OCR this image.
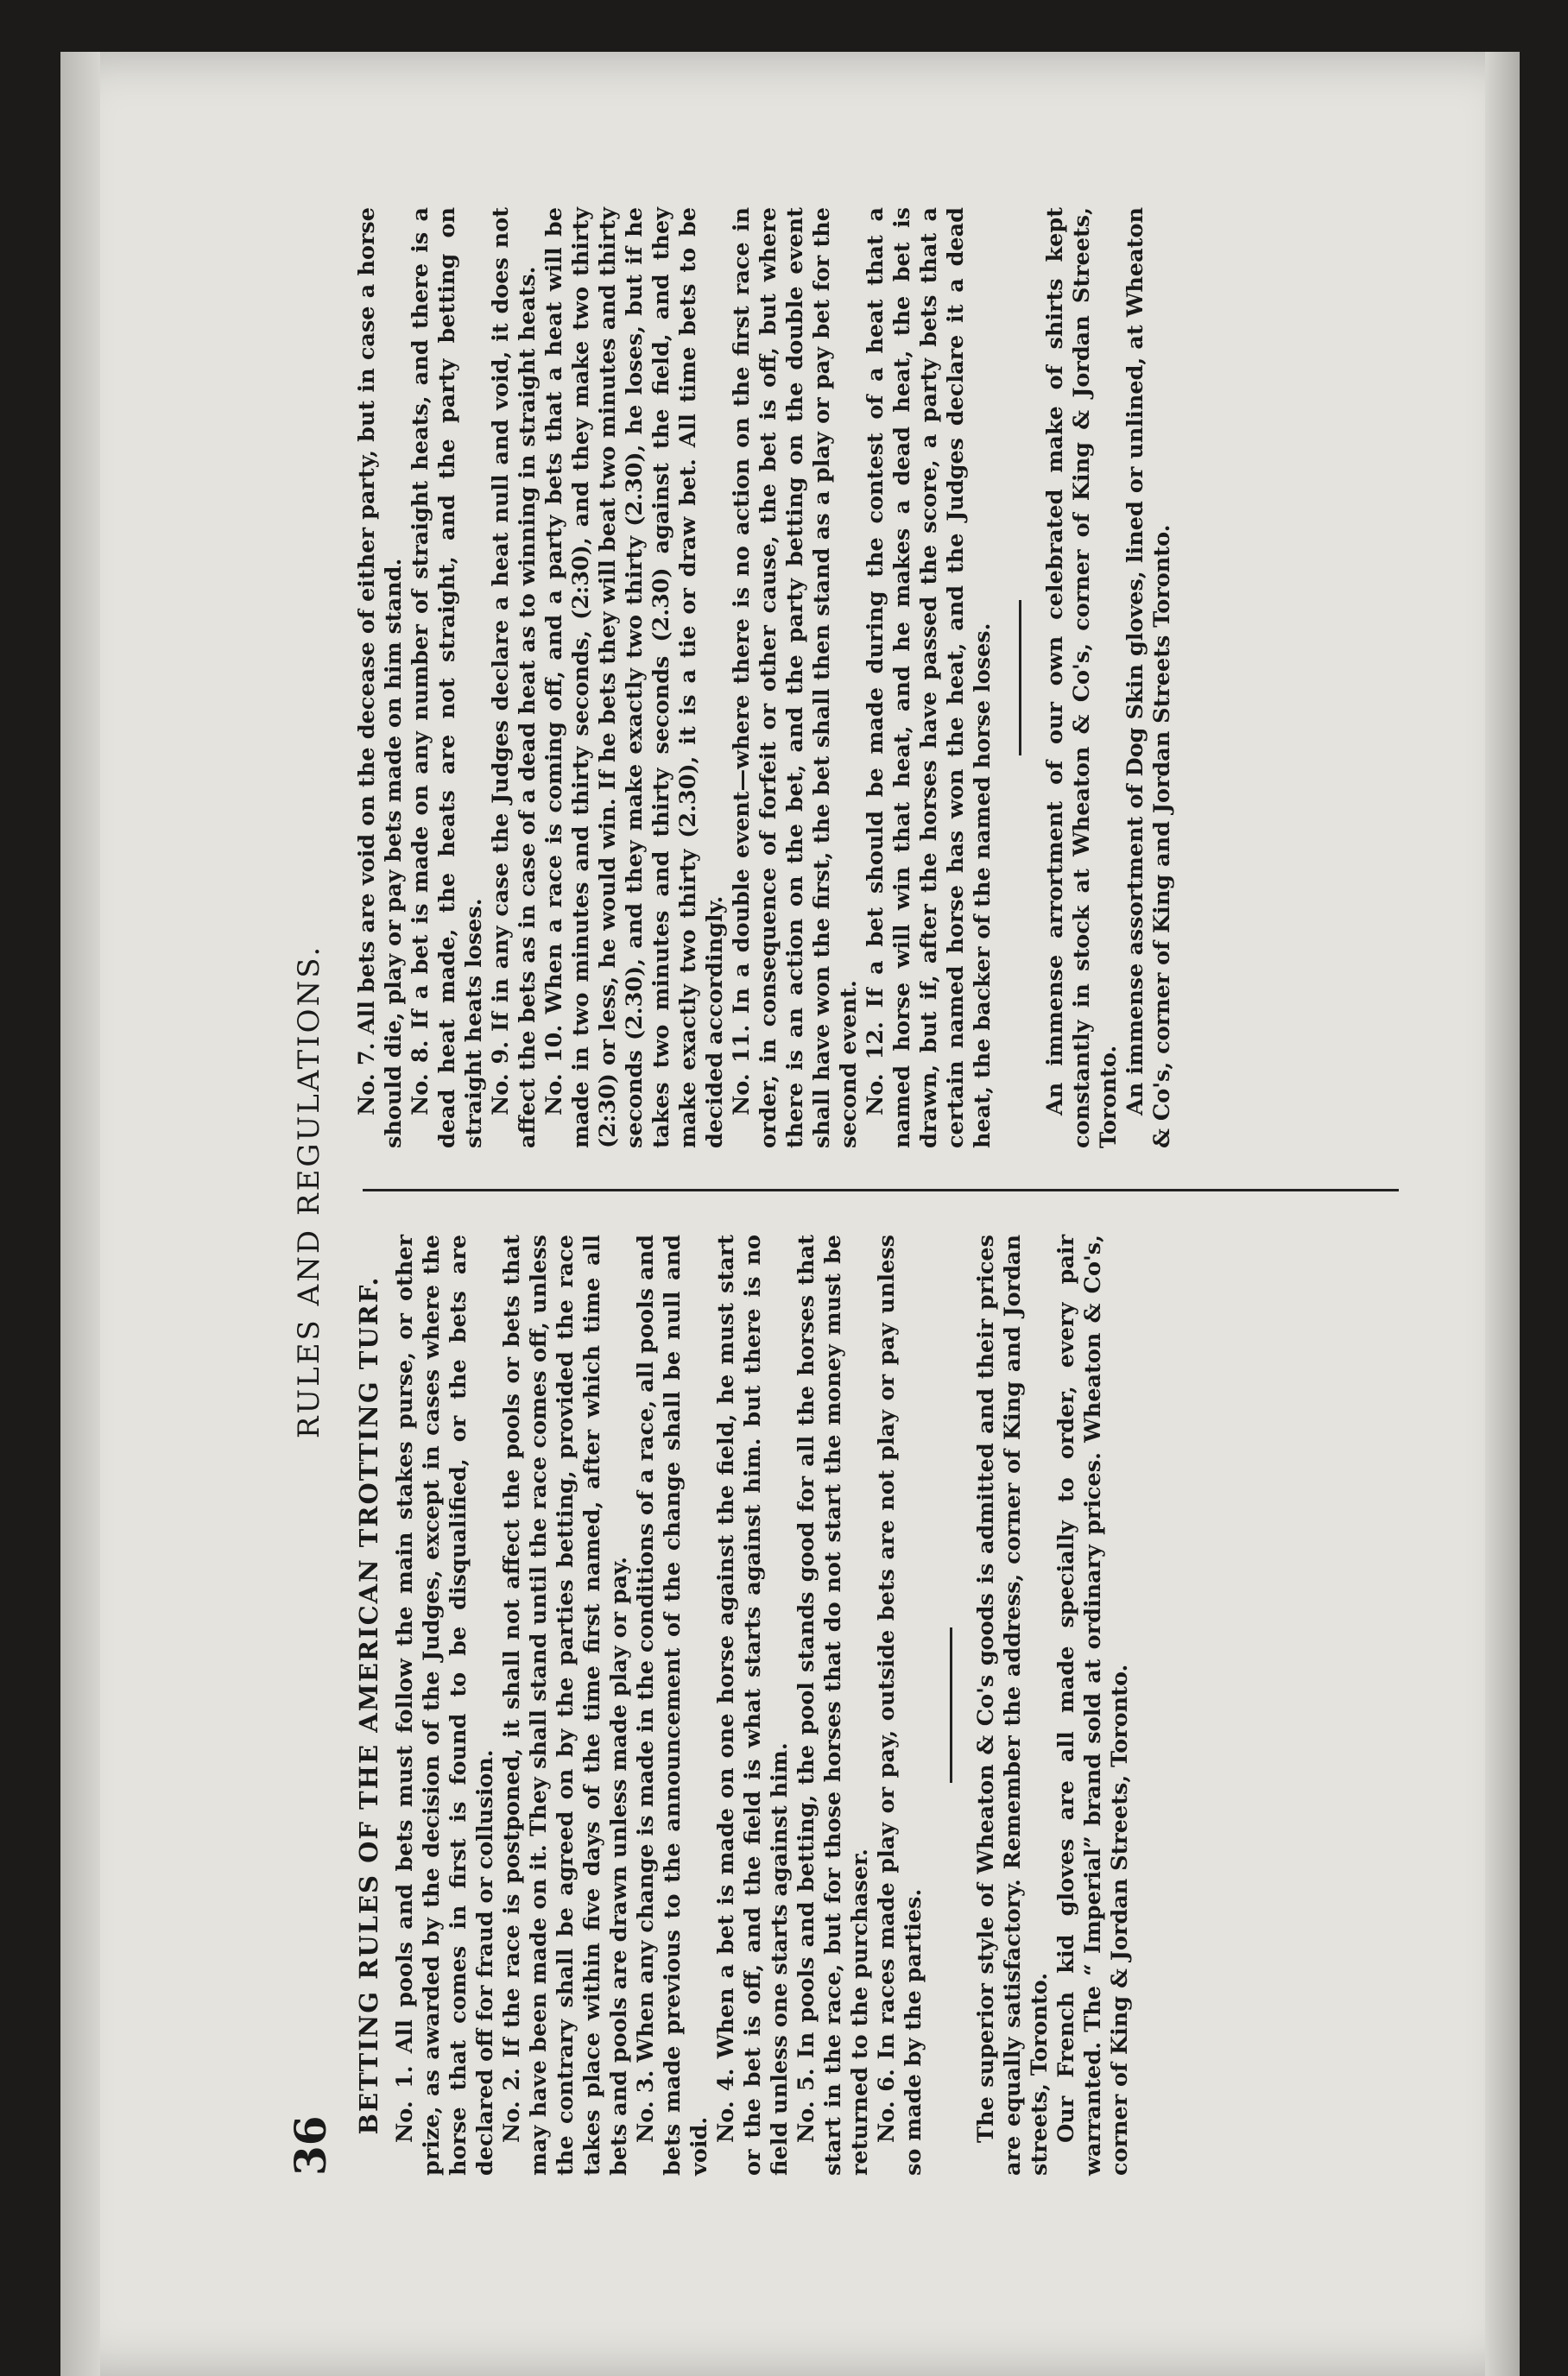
36
RULES AND REGULATIONS.
BETTING RULES OF THE AMERICAN TROTTING TURF. No. 1. All pools and bets must follow the main stakes purse, or other prize, as awarded by the decision of the Judges, except in cases where the horse that comes in first is found to be disqualified, or the bets are declared off for fraud or collusion. No. 2. If the race is postponed, it shall not affect the pools or bets that may have been made on it. They shall stand until the race comes off, unless the contrary shall be agreed on by the parties betting, provided the race takes place within five days of the time first named, after which time all bets and pools are drawn unless made play or pay. No. 3. When any change is made in the conditions of a race, all pools and bets made previous to the announcement of the change shall be null and void.

No. 4. When a bet is made on one horse against the field, he must start or the bet is off, and the field is what starts against him. but there is no field unless one starts against him. No. 5. In pools and betting, the pool stands good for all the horses that start in the race, but for those horses that do not start the money must be returned to the purchaser. No. 6. In races made play or pay, outside bets are not play or pay unless so made by the parties. The superior style of Wheaton & Co's goods is admitted and their prices are equally satisfactory. Remember the address, corner of King and Jordan streets, Toronto. Our French kid gloves are all made specially to order, every pair warranted. The “ Imperial” brand sold at ordinary prices. Wheaton & Co's, corner of King & Jordan Streets, Toronto.

No. 7. All bets are void on the decease of either party, but in case a horse should die, play or pay bets made on him stand. No. 8. If a bet is made on any number of straight heats, and there is a dead heat made, the heats are not straight, and the party betting on straight heats loses. No. 9. If in any case the Judges declare a heat null and void, it does not affect the bets as in case of a dead heat as to winning in straight heats. No. 10. When a race is coming off, and a party bets that a heat will be made in two minutes and thirty seconds, (2:30), and they make two thirty (2:30) or less, he would win. If he bets they will beat two minutes and thirty seconds (2.30), and they make exactly two thirty (2.30), he loses, but if he takes two minutes and thirty seconds (2.30) against the field, and they make exactly two thirty (2.30), it is a tie or draw bet. All time bets to be decided accordingly. No. 11. In a double event—where there is no action on the first race in order, in consequence of forfeit or other cause, the bet is off, but where there is an action on the bet, and the party betting on the double event shall have won the first, the bet shall then stand as a play or pay bet for the second event. No. 12. If a bet should be made during the contest of a heat that a named horse will win that heat, and he makes a dead heat, the bet is drawn, but if, after the horses have passed the score, a party bets that a certain named horse has won the heat, and the Judges declare it a dead heat, the backer of the named horse loses. An immense arrortment of our own celebrated make of shirts kept constantly in stock at Wheaton & Co's, corner of King & Jordan Streets, Toronto. An immense assortment of Dog Skin gloves, lined or unlined, at Wheaton & Co's, corner of King and Jordan Streets Toronto.
